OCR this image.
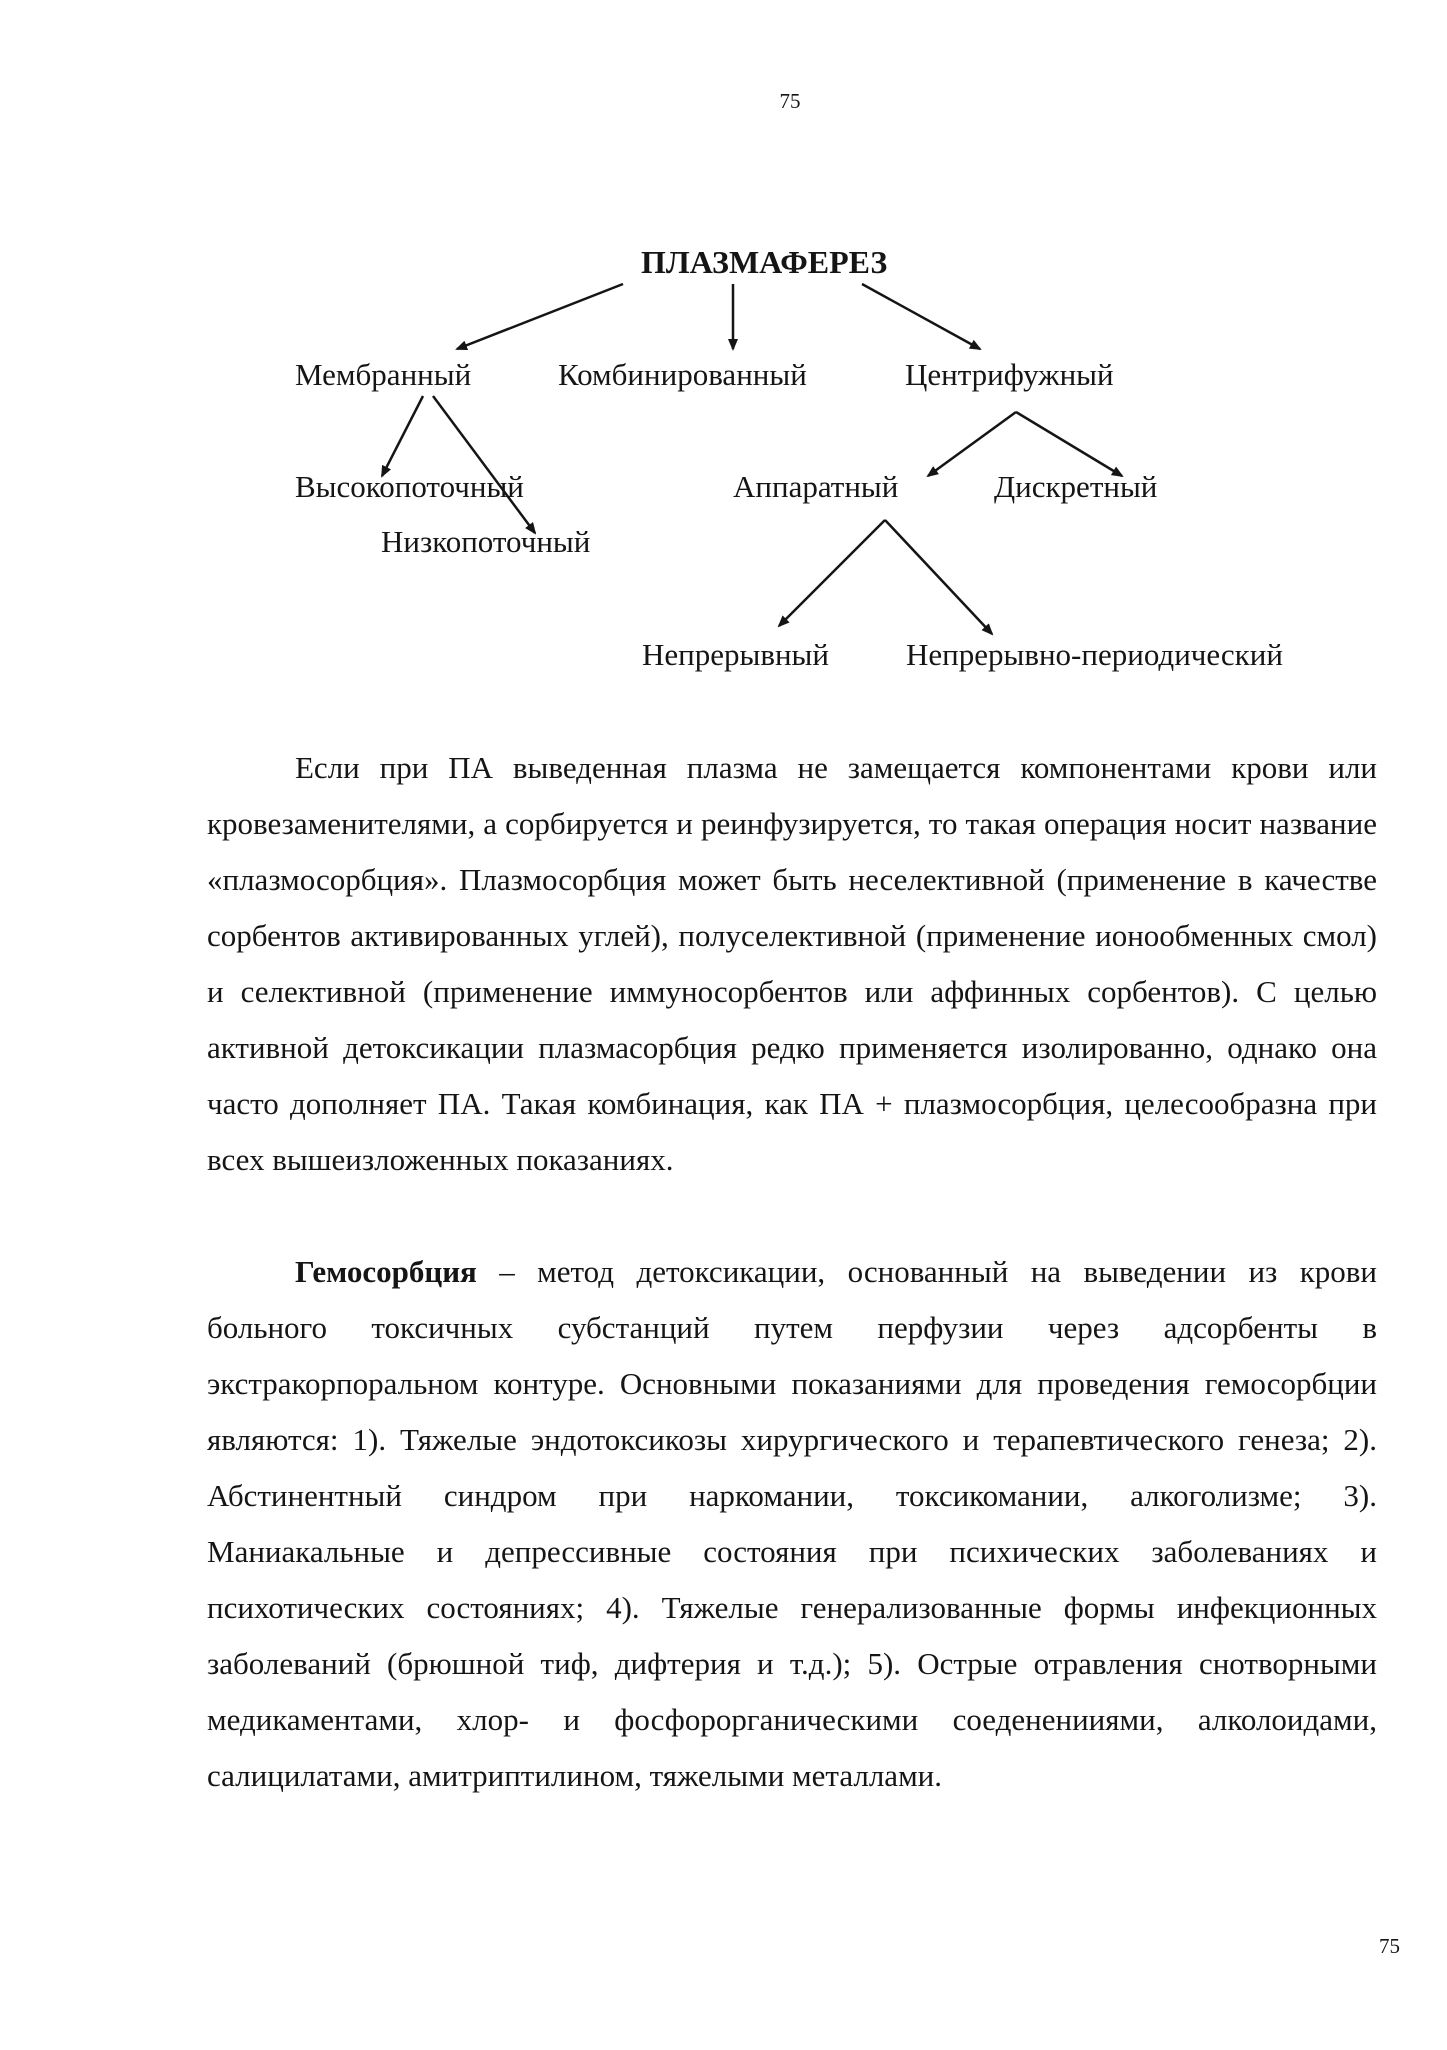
75
ПЛАЗМАФЕРЕЗ
Мембранный	Комбинированный	Центрифужный
Высокопоточный
Низкопоточный
Аппаратный	Дискретный
Непрерывный Непрерывно-периодический

Если при ПА выведенная плазма не замещается компонентами крови или кровезаменителями, а сорбируется и реинфузируется, то такая операция носит название «плазмосорбция». Плазмосорбция может быть неселективной (применение в качестве сорбентов активированных углей), полуселективной (применение ионообменных смол) и селективной (применение иммуносорбентов или аффинных сорбентов). С целью активной детоксикации плазмасорбция редко применяется изолированно, однако она часто дополняет ПА. Такая комбинация, как ПА + плазмосорбция, целесообразна при всех вышеизложенных показаниях.

Гемосорбция – метод детоксикации, основанный на выведении из крови больного токсичных субстанций путем перфузии через адсорбенты в экстракорпоральном контуре. Основными показаниями для проведения гемосорбции являются: 1). Тяжелые эндотоксикозы хирургического и терапевтического генеза; 2). Абстинентный синдром при наркомании, токсикомании, алкоголизме; 3). Маниакальные и депрессивные состояния при психических заболеваниях и психотических состояниях; 4). Тяжелые генерализованные формы инфекционных заболеваний (брюшной тиф, дифтерия и т.д.); 5). Острые отравления снотворными медикаментами, хлор- и фосфорорганическими соедененииями, алколоидами, салицилатами, амитриптилином, тяжелыми металлами.

75
